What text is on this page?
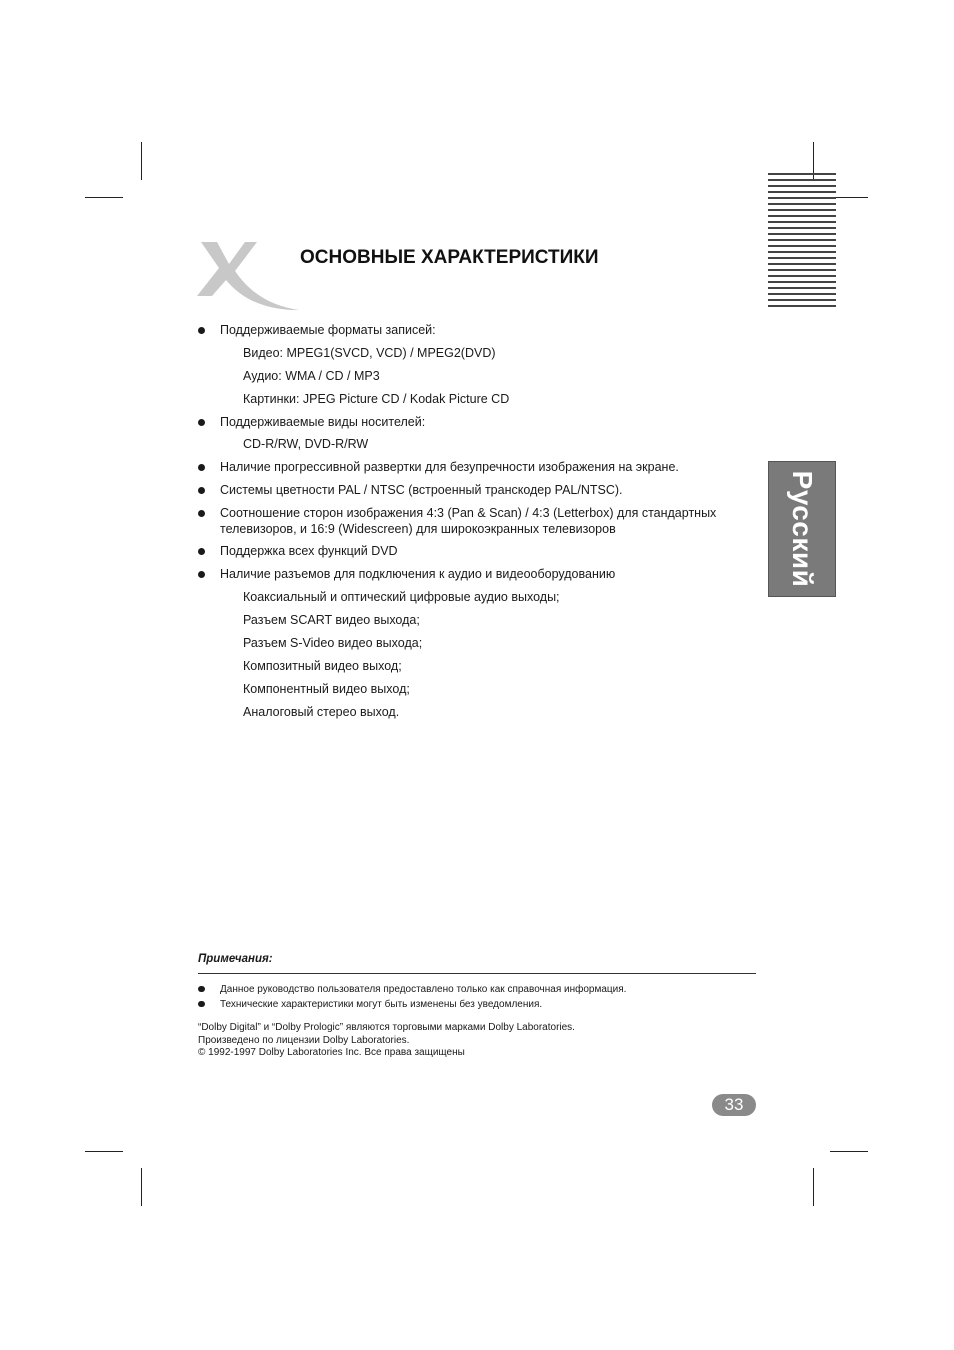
Русский
ОСНОВНЫЕ ХАРАКТЕРИСТИКИ
Поддерживаемые форматы записей:
Видео: MPEG1(SVCD, VCD) / MPEG2(DVD)
Аудио: WMA / CD / MP3
Картинки: JPEG Picture CD / Kodak Picture CD
Поддерживаемые виды носителей:
CD-R/RW, DVD-R/RW
Наличие прогрессивной развертки для безупречности изображения на экране.
Системы цветности PAL / NTSC (встроенный транскодер PAL/NTSC).
Соотношение сторон изображения 4:3 (Pan & Scan) / 4:3 (Letterbox) для стандартных телевизоров, и 16:9 (Widescreen) для широкоэкранных телевизоров
Поддержка всех функций DVD
Наличие разъемов для подключения к аудио и видеооборудованию
Коаксиальный и оптический цифровые аудио выходы;
Разъем SCART видео выхода;
Разъем S-Video видео выхода;
Композитный видео выход;
Компонентный видео выход;
Аналоговый стерео выход.
Примечания:
Данное руководство пользователя предоставлено только как справочная информация.
Технические характеристики могут быть изменены без уведомления.
“Dolby Digital” и “Dolby Prologic” являются торговыми марками Dolby Laboratories.
Произведено по лицензии Dolby Laboratories.
© 1992-1997 Dolby Laboratories Inc. Все права защищены
33
